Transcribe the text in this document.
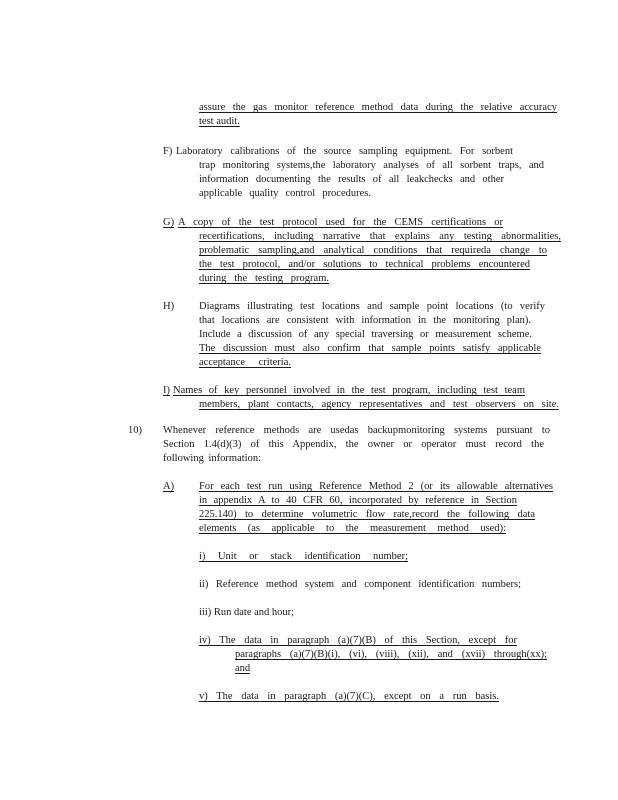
assure the gas monitor reference method data during the relative accuracy
test audit.
F) Laboratory calibrations of the source sampling equipment. For sorbent
trap monitoring systems,the laboratory analyses of all sorbent traps, and
information documenting the results of all leakchecks and other
applicable quality control procedures.
G) A copy of the test protocol used for the CEMS certifications or
recertifications, including narrative that explains any testing abnormalities,
problematic sampling,and analytical conditions that requireda change to
the test protocol, and/or solutions to technical problems encountered
during the testing program.
H) Diagrams illustrating test locations and sample point locations (to verify
that locations are consistent with information in the monitoring plan).
Include a discussion of any special traversing or measurement scheme.
The discussion must also confirm that sample points satisfy applicable
acceptance criteria.
I) Names of key personnel involved in the test program, including test team
members, plant contacts, agency representatives and test observers on site.
10) Whenever reference methods are usedas backupmonitoring systems pursuant to
Section 1.4(d)(3) of this Appendix, the owner or operator must record the
following information:
A) For each test run using Reference Method 2 (or its allowable alternatives
in appendix A to 40 CFR 60, incorporated by reference in Section
225.140) to determine volumetric flow rate,record the following data
elements (as applicable to the measurement method used):
i) Unit or stack identification number;
ii) Reference method system and component identification numbers;
iii) Run date and hour;
iv) The data in paragraph (a)(7)(B) of this Section, except for
paragraphs (a)(7)(B)(i), (vi), (viii), (xii), and (xvii) through(xx);
and
v) The data in paragraph (a)(7)(C), except on a run basis.
